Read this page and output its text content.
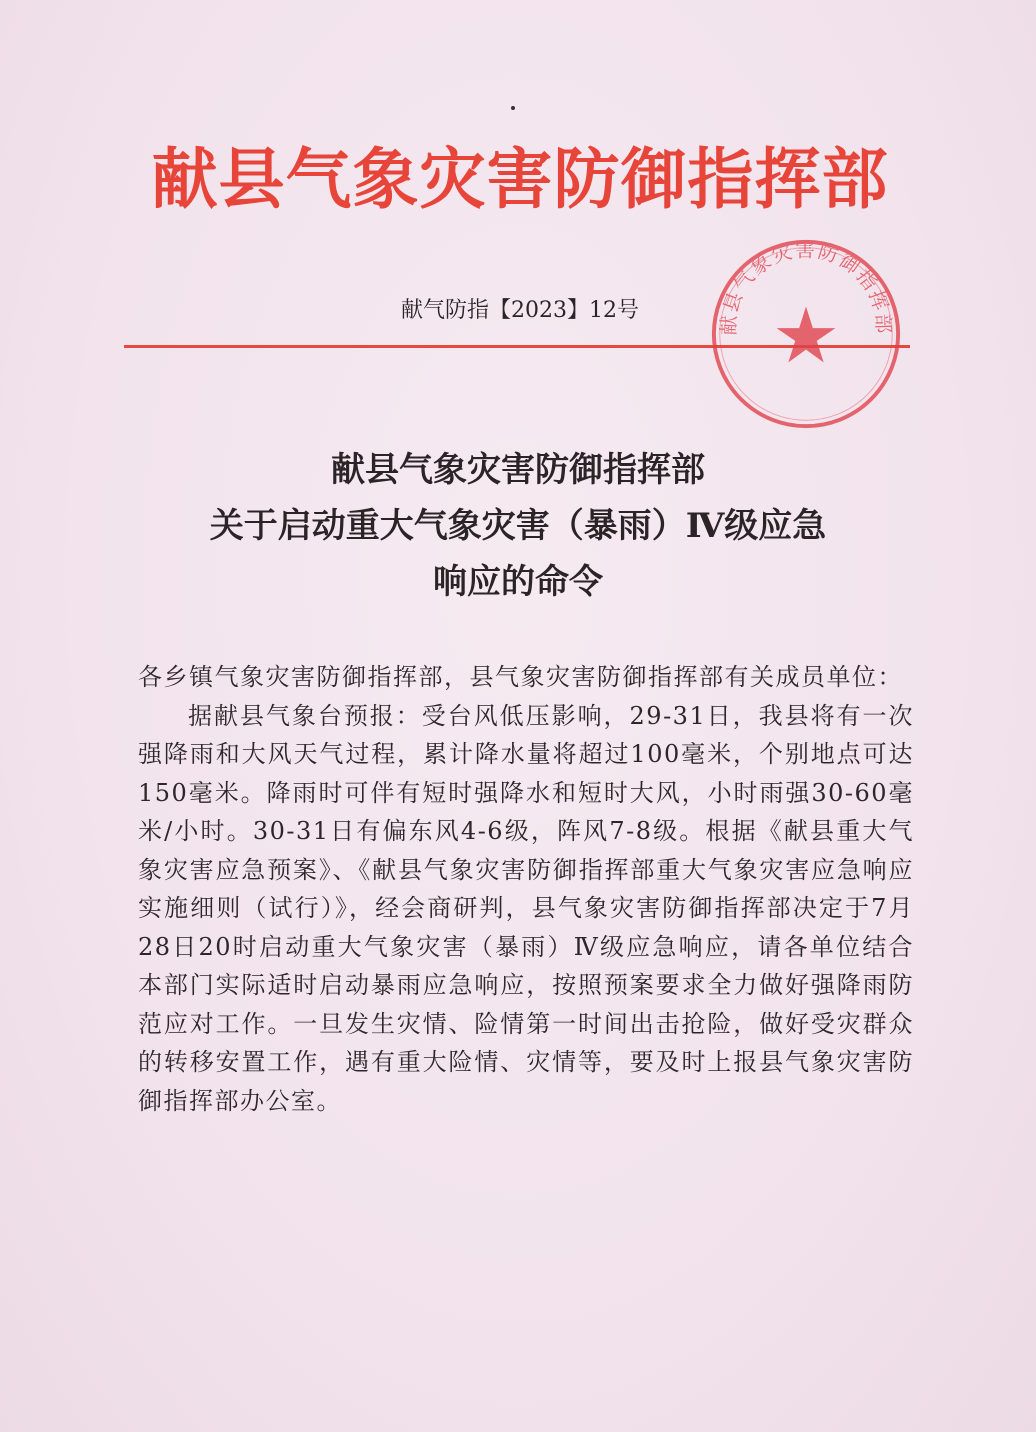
献县气象灾害防御指挥部
献气防指【2023】12号
献县气象灾害防御指挥部
献县气象灾害防御指挥部
关于启动重大气象灾害（暴雨）Ⅳ级应急
响应的命令

各乡镇气象灾害防御指挥部，县气象灾害防御指挥部有关成员单位：

据献县气象台预报：受台风低压影响，29-31日，我县将有一次强降雨和大风天气过程，累计降水量将超过100毫米，个别地点可达150毫米。降雨时可伴有短时强降水和短时大风，小时雨强30-60毫米/小时。30-31日有偏东风4-6级，阵风7-8级。根据《献县重大气象灾害应急预案》、《献县气象灾害防御指挥部重大气象灾害应急响应实施细则（试行）》，经会商研判，县气象灾害防御指挥部决定于7月28日20时启动重大气象灾害（暴雨）Ⅳ级应急响应，请各单位结合本部门实际适时启动暴雨应急响应，按照预案要求全力做好强降雨防范应对工作。一旦发生灾情、险情第一时间出击抢险，做好受灾群众的转移安置工作，遇有重大险情、灾情等，要及时上报县气象灾害防御指挥部办公室。
